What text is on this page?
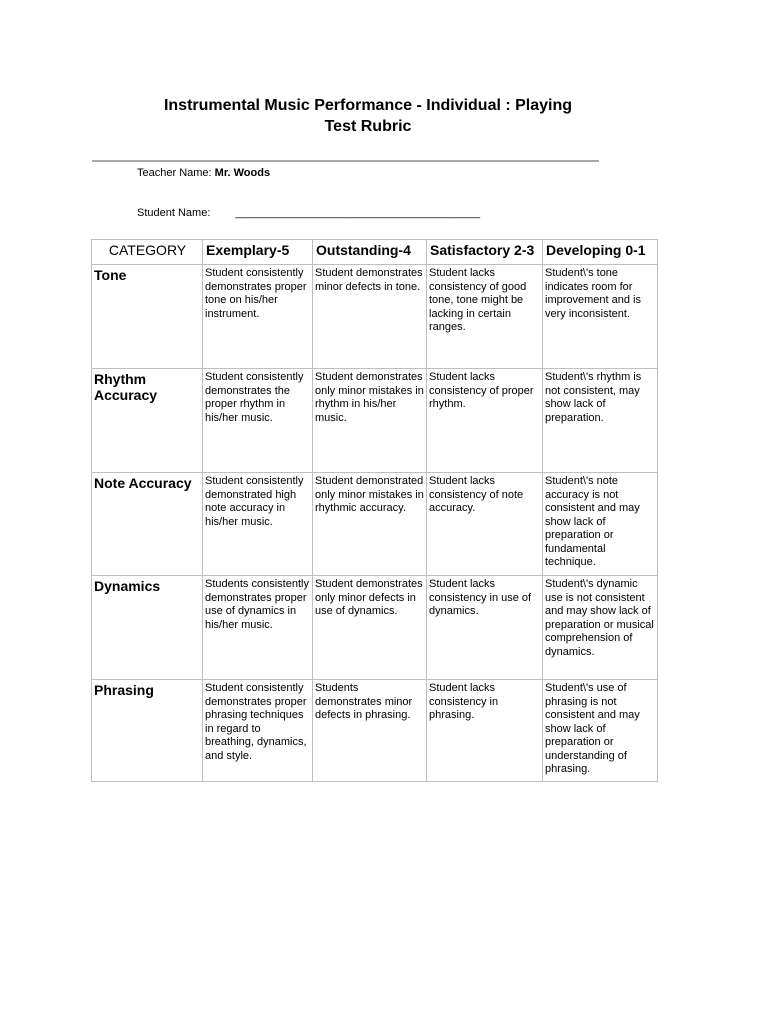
Instrumental Music Performance - Individual : Playing
Test Rubric
Teacher Name: Mr. Woods
Student Name: ________________________________________
CATEGORY	Exemplary-5	Outstanding-4	Satisfactory 2-3	Developing 0-1
Tone	Student consistently demonstrates proper tone on his/her instrument.	Student demonstrates minor defects in tone.	Student lacks consistency of good tone, tone might be lacking in certain ranges.	Student\'s tone indicates room for improvement and is very inconsistent.
Rhythm Accuracy	Student consistently demonstrates the proper rhythm in his/her music.	Student demonstrates only minor mistakes in rhythm in his/her music.	Student lacks consistency of proper rhythm.	Student\'s rhythm is not consistent, may show lack of preparation.
Note Accuracy	Student consistently demonstrated high note accuracy in his/her music.	Student demonstrated only minor mistakes in rhythmic accuracy.	Student lacks consistency of note accuracy.	Student\'s note accuracy is not consistent and may show lack of preparation or fundamental technique.
Dynamics	Students consistently demonstrates proper use of dynamics in his/her music.	Student demonstrates only minor defects in use of dynamics.	Student lacks consistency in use of dynamics.	Student\'s dynamic use is not consistent and may show lack of preparation or musical comprehension of dynamics.
Phrasing	Student consistently demonstrates proper phrasing techniques in regard to breathing, dynamics, and style.	Students demonstrates minor defects in phrasing.	Student lacks consistency in phrasing.	Student\'s use of phrasing is not consistent and may show lack of preparation or understanding of phrasing.
